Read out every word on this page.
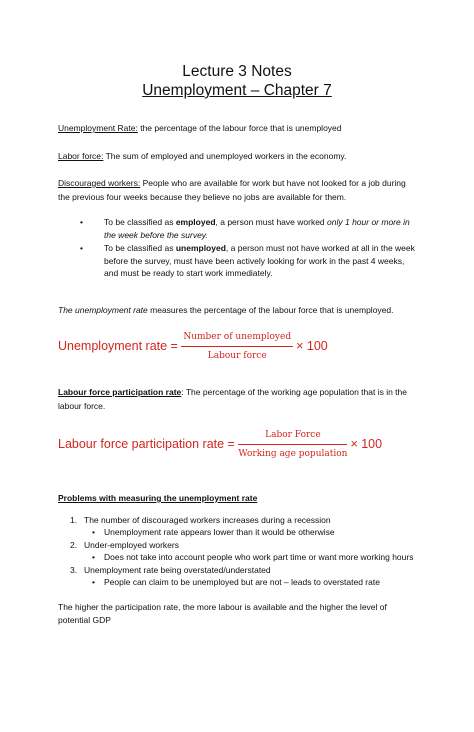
Lecture 3 Notes
Unemployment – Chapter 7

Unemployment Rate: the percentage of the labour force that is unemployed

Labor force: The sum of employed and unemployed workers in the economy.

Discouraged workers: People who are available for work but have not looked for a job during the previous four weeks because they believe no jobs are available for them.

• To be classified as employed, a person must have worked only 1 hour or more in the week before the survey.
• To be classified as unemployed, a person must not have worked at all in the week before the survey, must have been actively looking for work in the past 4 weeks, and must be ready to start work immediately.

The unemployment rate measures the percentage of the labour force that is unemployed.

Unemployment rate = $\frac{\text{Number of unemployed}}{\text{Labour force}} \times 100$

Labour force participation rate: The percentage of the working age population that is in the labour force.

Labour force participation rate = $\frac{\text{Labor Force}}{\text{Working age population}} \times 100$

Problems with measuring the unemployment rate

1. The number of discouraged workers increases during a recession
• Unemployment rate appears lower than it would be otherwise
2. Under-employed workers
• Does not take into account people who work part time or want more working hours
3. Unemployment rate being overstated/understated
• People can claim to be unemployed but are not – leads to overstated rate

The higher the participation rate, the more labour is available and the higher the level of potential GDP
